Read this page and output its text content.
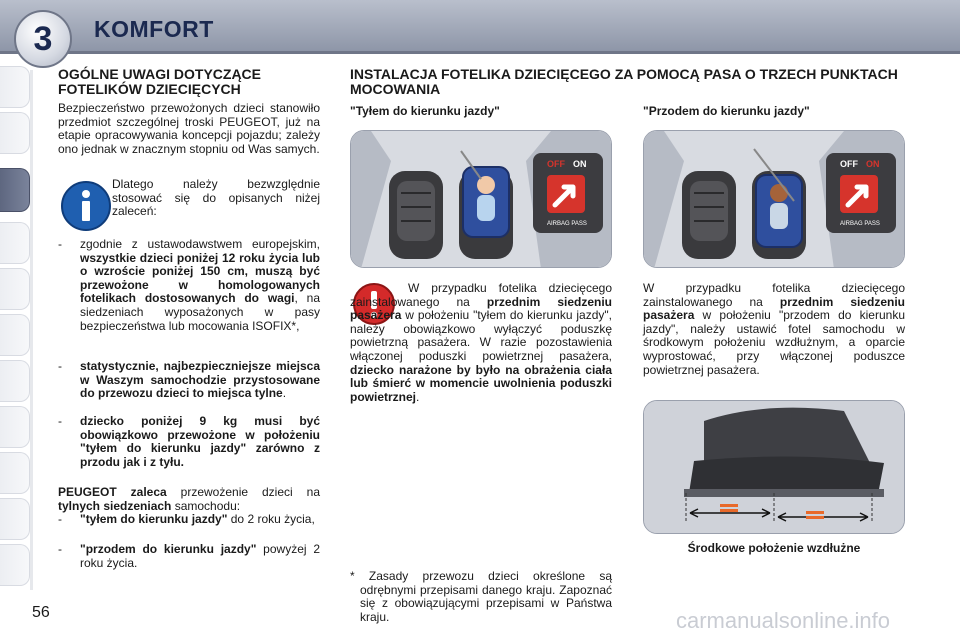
3 KOMFORT
OGÓLNE UWAGI DOTYCZĄCE FOTELIKÓW DZIECIĘCYCH
Bezpieczeństwo przewożonych dzieci stanowiło przedmiot szczególnej troski PEUGEOT, już na etapie opracowywania koncepcji pojazdu; zależy ono jednak w znacznym stopniu od Was samych.
Dlatego należy bezwzględnie stosować się do opisanych niżej zaleceń:
- zgodnie z ustawodawstwem europejskim, wszystkie dzieci poniżej 12 roku życia lub o wzroście poniżej 150 cm, muszą być przewożone w homologowanych fotelikach dostosowanych do wagi, na siedzeniach wyposażonych w pasy bezpieczeństwa lub mocowania ISOFIX*,
- statystycznie, najbezpieczniejsze miejsca w Waszym samochodzie przystosowane do przewozu dzieci to miejsca tylne.
- dziecko poniżej 9 kg musi być obowiązkowo przewożone w położeniu "tyłem do kierunku jazdy" zarówno z przodu jak i z tyłu.
PEUGEOT zaleca przewożenie dzieci na tylnych siedzeniach samochodu:
- "tyłem do kierunku jazdy" do 2 roku życia,
- "przodem do kierunku jazdy" powyżej 2 roku życia.
INSTALACJA FOTELIKA DZIECIĘCEGO ZA POMOCĄ PASA O TRZECH PUNKTACH MOCOWANIA
"Tyłem do kierunku jazdy"	"Przodem do kierunku jazdy"
OFF ON
AIRBAG PASS
OFF ON
AIRBAG PASS
W przypadku fotelika dziecięcego zainstalowanego na przednim siedzeniu pasażera w położeniu "tyłem do kierunku jazdy", należy obowiązkowo wyłączyć poduszkę powietrzną pasażera. W razie pozostawienia włączonej poduszki powietrznej pasażera, dziecko narażone by było na obrażenia ciała lub śmierć w momencie uwolnienia poduszki powietrznej.
W przypadku fotelika dziecięcego zainstalowanego na przednim siedzeniu pasażera w położeniu "przodem do kierunku jazdy", należy ustawić fotel samochodu w środkowym położeniu wzdłużnym, a oparcie wyprostować, przy włączonej poduszce powietrznej pasażera.
Środkowe położenie wzdłużne
* Zasady przewozu dzieci określone są odrębnymi przepisami danego kraju. Zapoznać się z obowiązującymi przepisami w Państwa kraju.
56	carmanualsonline.info
